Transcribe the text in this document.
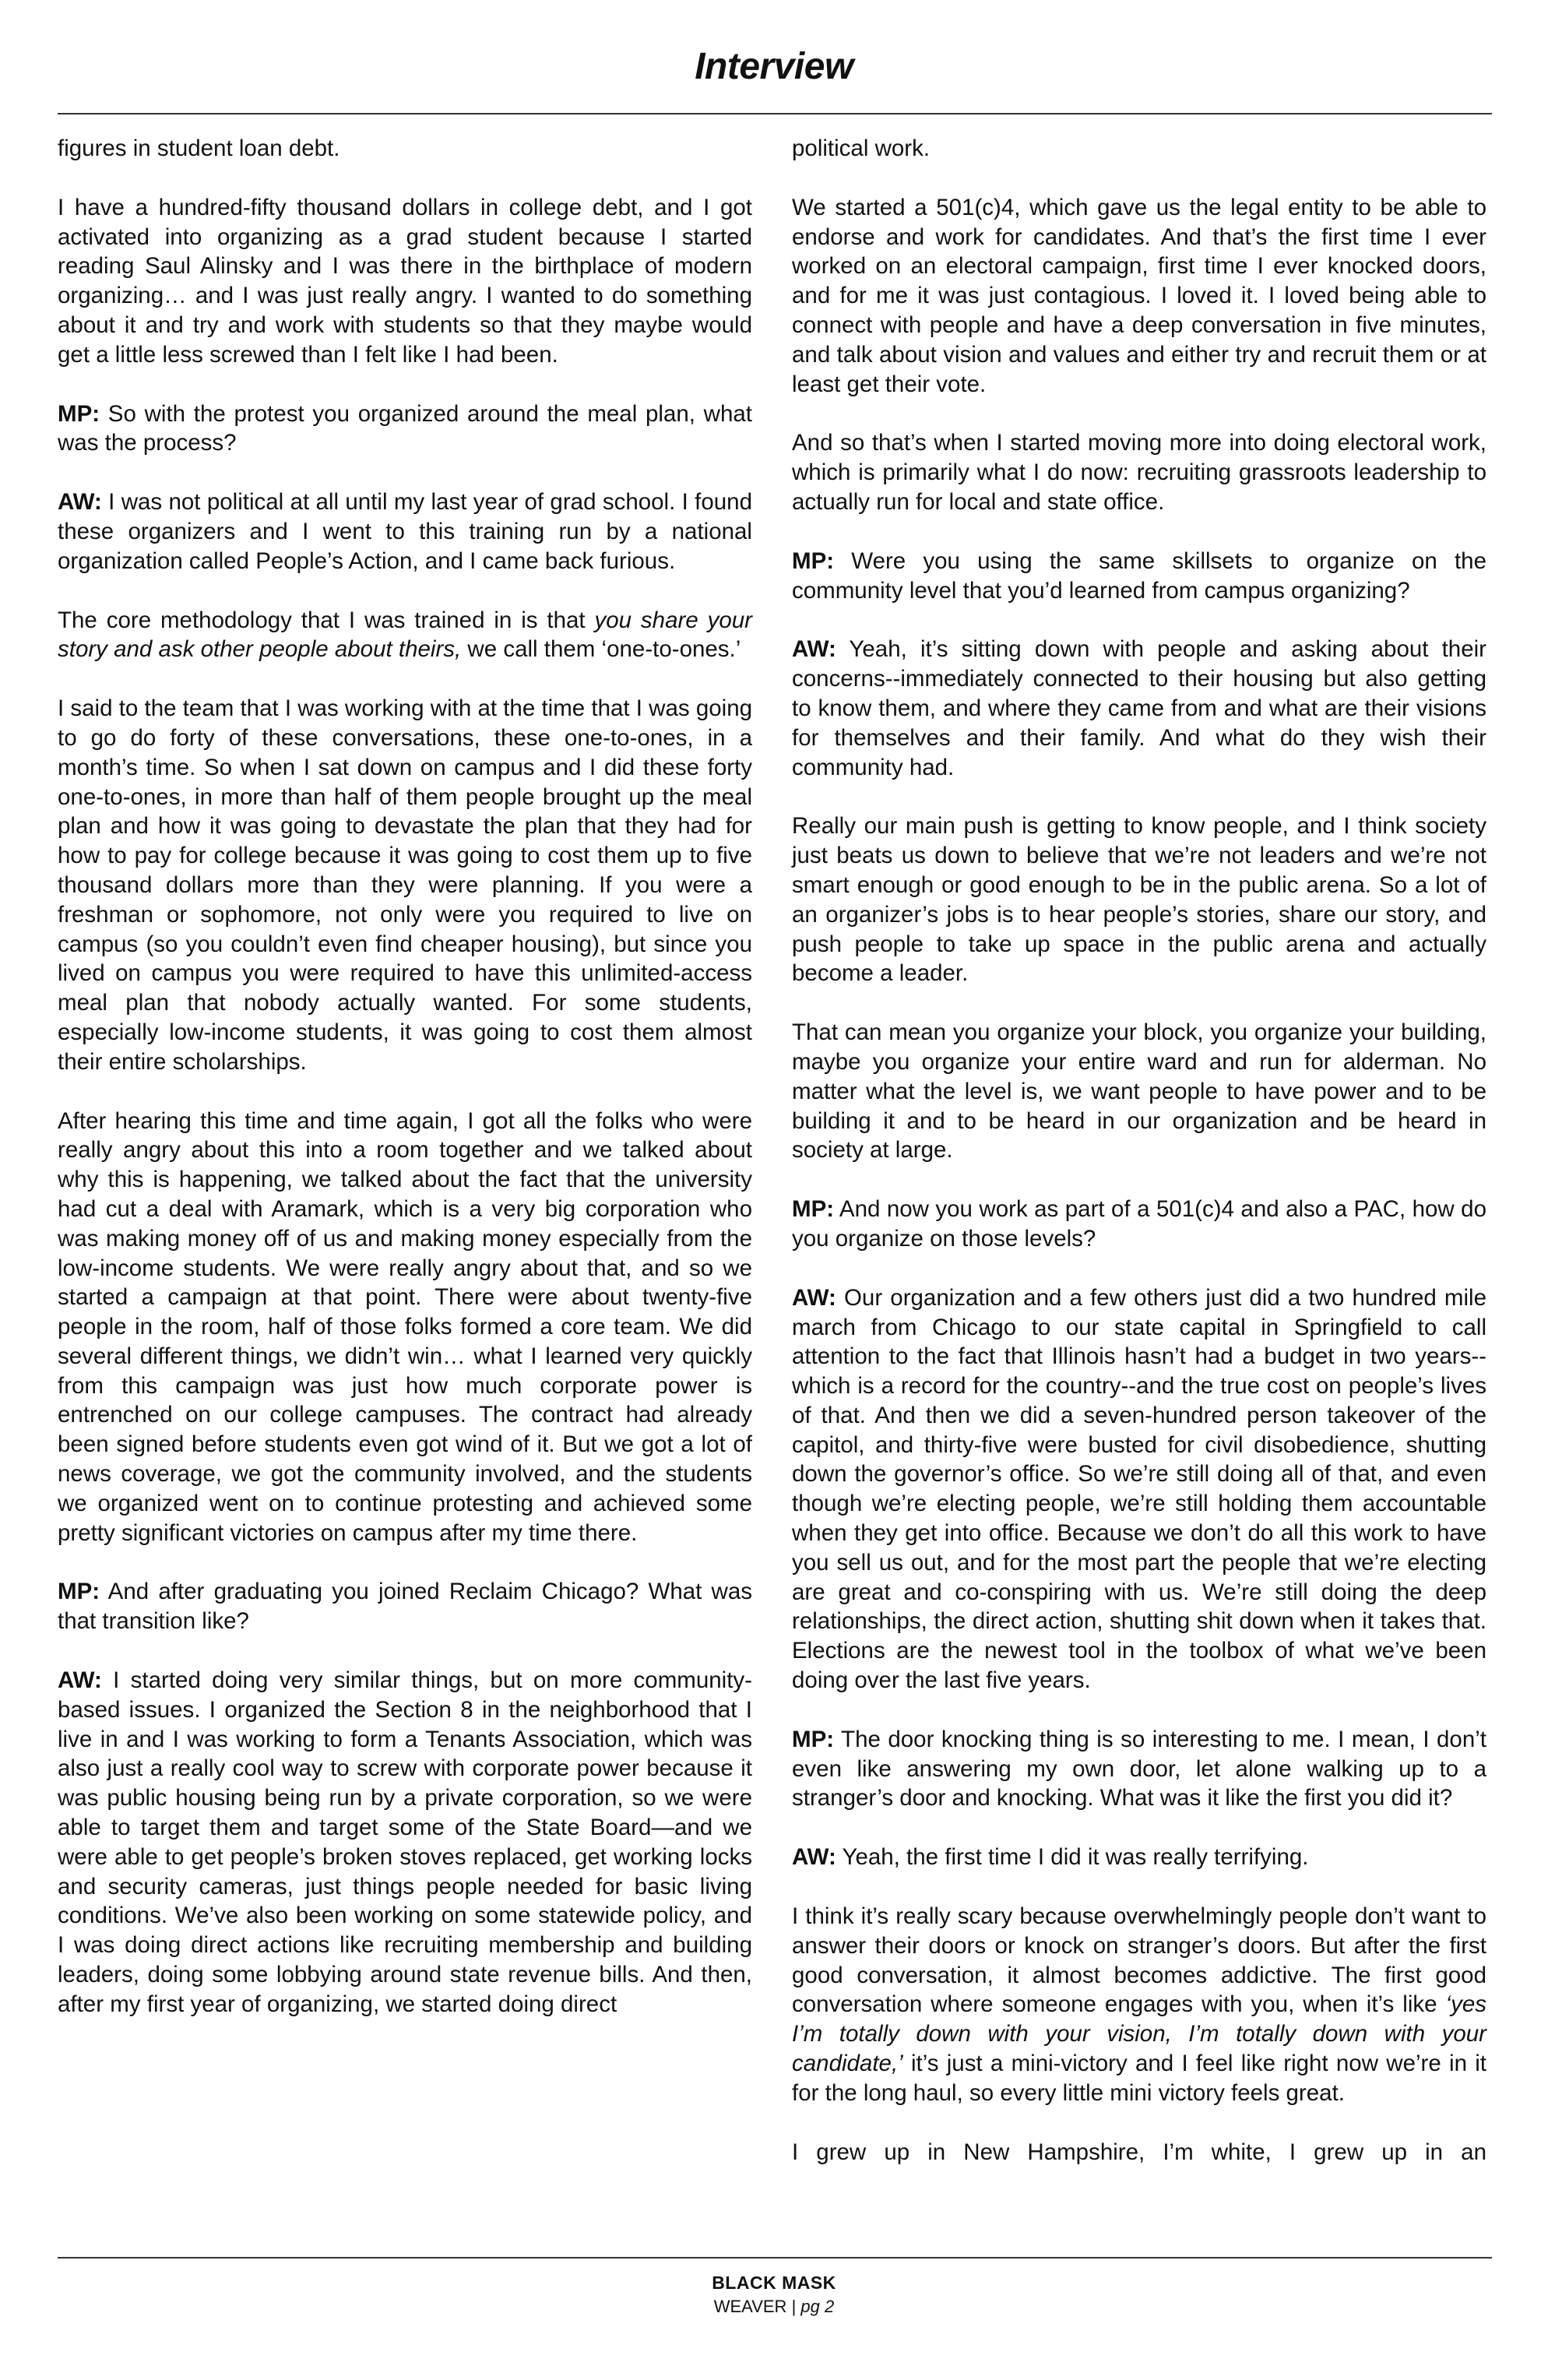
Interview

figures in student loan debt.

I have a hundred-fifty thousand dollars in college debt, and I got activated into organizing as a grad student because I started reading Saul Alinsky and I was there in the birthplace of modern organizing… and I was just really angry. I wanted to do something about it and try and work with students so that they maybe would get a little less screwed than I felt like I had been.

MP: So with the protest you organized around the meal plan, what was the process?

AW: I was not political at all until my last year of grad school. I found these organizers and I went to this training run by a national organization called People’s Action, and I came back furious.

The core methodology that I was trained in is that you share your story and ask other people about theirs, we call them ‘one-to-ones.’

I said to the team that I was working with at the time that I was going to go do forty of these conversations, these one-to-ones, in a month’s time. So when I sat down on campus and I did these forty one-to-ones, in more than half of them people brought up the meal plan and how it was going to devastate the plan that they had for how to pay for college because it was going to cost them up to five thousand dollars more than they were planning. If you were a freshman or sophomore, not only were you required to live on campus (so you couldn’t even find cheaper housing), but since you lived on campus you were required to have this unlimited-access meal plan that nobody actually wanted. For some students, especially low-income students, it was going to cost them almost their entire scholarships.

After hearing this time and time again, I got all the folks who were really angry about this into a room together and we talked about why this is happening, we talked about the fact that the university had cut a deal with Aramark, which is a very big corporation who was making money off of us and making money especially from the low-income students. We were really angry about that, and so we started a campaign at that point. There were about twenty-five people in the room, half of those folks formed a core team. We did several different things, we didn’t win… what I learned very quickly from this campaign was just how much corporate power is entrenched on our college campuses. The contract had already been signed before students even got wind of it. But we got a lot of news coverage, we got the community involved, and the students we organized went on to continue protesting and achieved some pretty significant victories on campus after my time there.

MP: And after graduating you joined Reclaim Chicago? What was that transition like?

AW: I started doing very similar things, but on more community-based issues. I organized the Section 8 in the neighborhood that I live in and I was working to form a Tenants Association, which was also just a really cool way to screw with corporate power because it was public housing being run by a private corporation, so we were able to target them and target some of the State Board—and we were able to get people’s broken stoves replaced, get working locks and security cameras, just things people needed for basic living conditions. We’ve also been working on some statewide policy, and I was doing direct actions like recruiting membership and building leaders, doing some lobbying around state revenue bills. And then, after my first year of organizing, we started doing direct

political work.

We started a 501(c)4, which gave us the legal entity to be able to endorse and work for candidates. And that’s the first time I ever worked on an electoral campaign, first time I ever knocked doors, and for me it was just contagious. I loved it. I loved being able to connect with people and have a deep conversation in five minutes, and talk about vision and values and either try and recruit them or at least get their vote.

And so that’s when I started moving more into doing electoral work, which is primarily what I do now: recruiting grassroots leadership to actually run for local and state office.

MP: Were you using the same skillsets to organize on the community level that you’d learned from campus organizing?

AW: Yeah, it’s sitting down with people and asking about their concerns--immediately connected to their housing but also getting to know them, and where they came from and what are their visions for themselves and their family. And what do they wish their community had.

Really our main push is getting to know people, and I think society just beats us down to believe that we’re not leaders and we’re not smart enough or good enough to be in the public arena. So a lot of an organizer’s jobs is to hear people’s stories, share our story, and push people to take up space in the public arena and actually become a leader.

That can mean you organize your block, you organize your building, maybe you organize your entire ward and run for alderman. No matter what the level is, we want people to have power and to be building it and to be heard in our organization and be heard in society at large.

MP: And now you work as part of a 501(c)4 and also a PAC, how do you organize on those levels?

AW: Our organization and a few others just did a two hundred mile march from Chicago to our state capital in Springfield to call attention to the fact that Illinois hasn’t had a budget in two years--which is a record for the country--and the true cost on people’s lives of that. And then we did a seven-hundred person takeover of the capitol, and thirty-five were busted for civil disobedience, shutting down the governor’s office. So we’re still doing all of that, and even though we’re electing people, we’re still holding them accountable when they get into office. Because we don’t do all this work to have you sell us out, and for the most part the people that we’re electing are great and co-conspiring with us. We’re still doing the deep relationships, the direct action, shutting shit down when it takes that. Elections are the newest tool in the toolbox of what we’ve been doing over the last five years.

MP: The door knocking thing is so interesting to me. I mean, I don’t even like answering my own door, let alone walking up to a stranger’s door and knocking. What was it like the first you did it?

AW: Yeah, the first time I did it was really terrifying.

I think it’s really scary because overwhelmingly people don’t want to answer their doors or knock on stranger’s doors. But after the first good conversation, it almost becomes addictive. The first good conversation where someone engages with you, when it’s like ‘yes I’m totally down with your vision, I’m totally down with your candidate,’ it’s just a mini-victory and I feel like right now we’re in it for the long haul, so every little mini victory feels great.

I grew up in New Hampshire, I’m white, I grew up in an

BLACK MASK
WEAVER | pg 2
